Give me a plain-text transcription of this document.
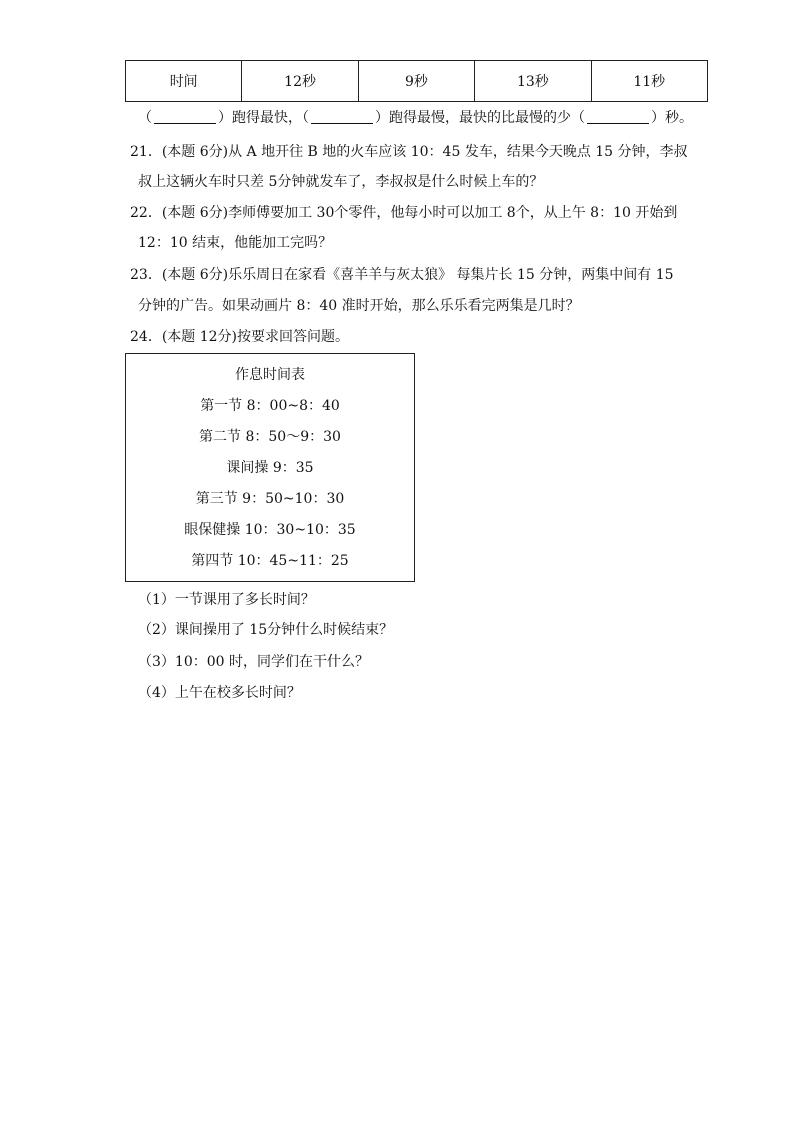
时间	12秒	9秒	13秒	11秒
（	）跑得最快，（	）跑得最慢，最快的比最慢的少（	）秒。
21．(本题 6分)从 A 地开往 B 地的火车应该 10：45 发车，结果今天晚点 15 分钟，李叔
叔上这辆火车时只差 5分钟就发车了，李叔叔是什么时候上车的？
22．(本题 6分)李师傅要加工 30个零件，他每小时可以加工 8个，从上午 8：10 开始到
12：10 结束，他能加工完吗？
23．(本题 6分)乐乐周日在家看《喜羊羊与灰太狼》 每集片长 15 分钟，两集中间有 15
分钟的广告。如果动画片 8：40 准时开始，那么乐乐看完两集是几时？
24．(本题 12分)按要求回答问题。
作息时间表
第一节 8：00~8：40
第二节 8：50～9：30
课间操 9：35
第三节 9：50~10：30
眼保健操 10：30~10：35
第四节 10：45~11：25
（1）一节课用了多长时间？
（2）课间操用了 15分钟什么时候结束？
（3）10：00 时，同学们在干什么？
（4）上午在校多长时间？
